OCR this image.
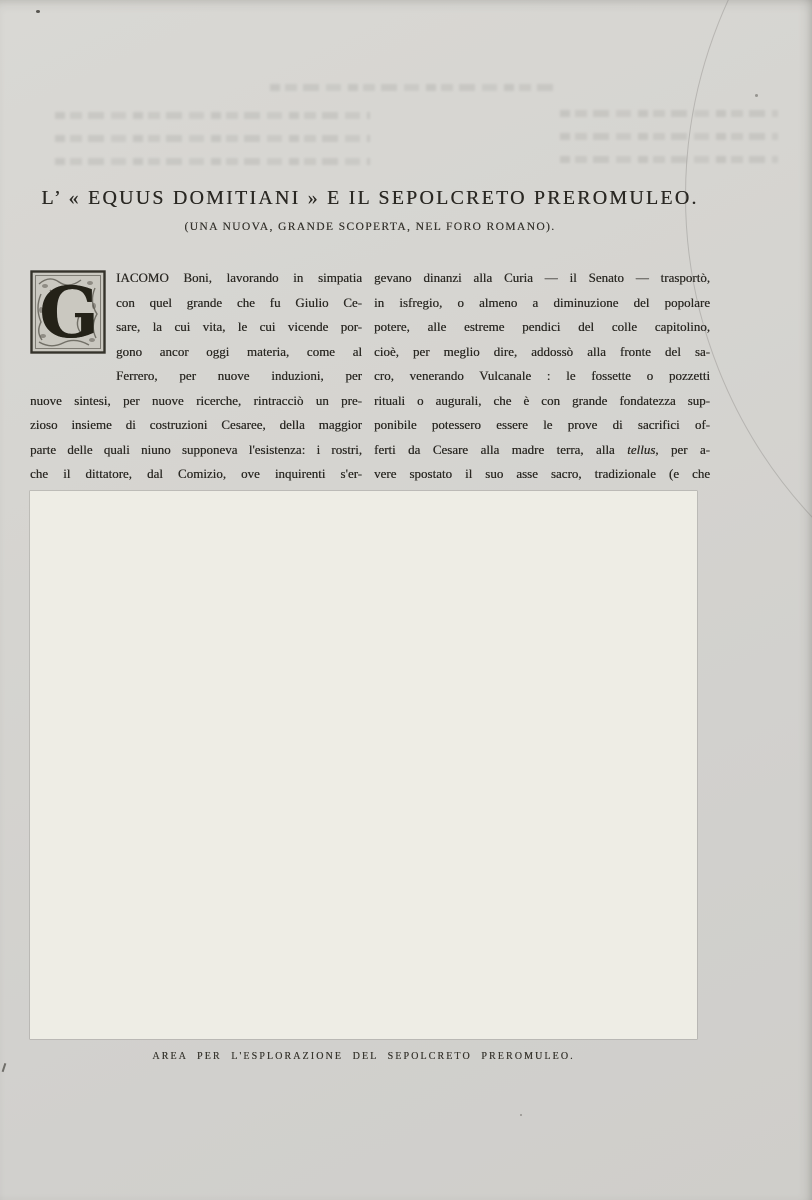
L’ « EQUUS DOMITIANI » E IL SEPOLCRETO PREROMULEO.
(UNA NUOVA, GRANDE SCOPERTA, NEL FORO ROMANO).
G IACOMO Boni, lavorando in simpatia
con quel grande che fu Giulio Ce-
sare, la cui vita, le cui vicende por-
gono ancor oggi materia, come al
Ferrero, per nuove induzioni, per
nuove sintesi, per nuove ricerche, rintracciò un pre-
zioso insieme di costruzioni Cesaree, della maggior
parte delle quali niuno supponeva l'esistenza: i rostri,
che il dittatore, dal Comizio, ove inquirenti s'er-
gevano dinanzi alla Curia — il Senato — trasportò,
in isfregio, o almeno a diminuzione del popolare
potere, alle estreme pendici del colle capitolino,
cioè, per meglio dire, addossò alla fronte del sa-
cro, venerando Vulcanale : le fossette o pozzetti
rituali o augurali, che è con grande fondatezza sup-
ponibile potessero essere le prove di sacrifici of-
ferti da Cesare alla madre terra, alla tellus, per a-
vere spostato il suo asse sacro, tradizionale (e che
AREA PER L'ESPLORAZIONE DEL SEPOLCRETO PREROMULEO.
